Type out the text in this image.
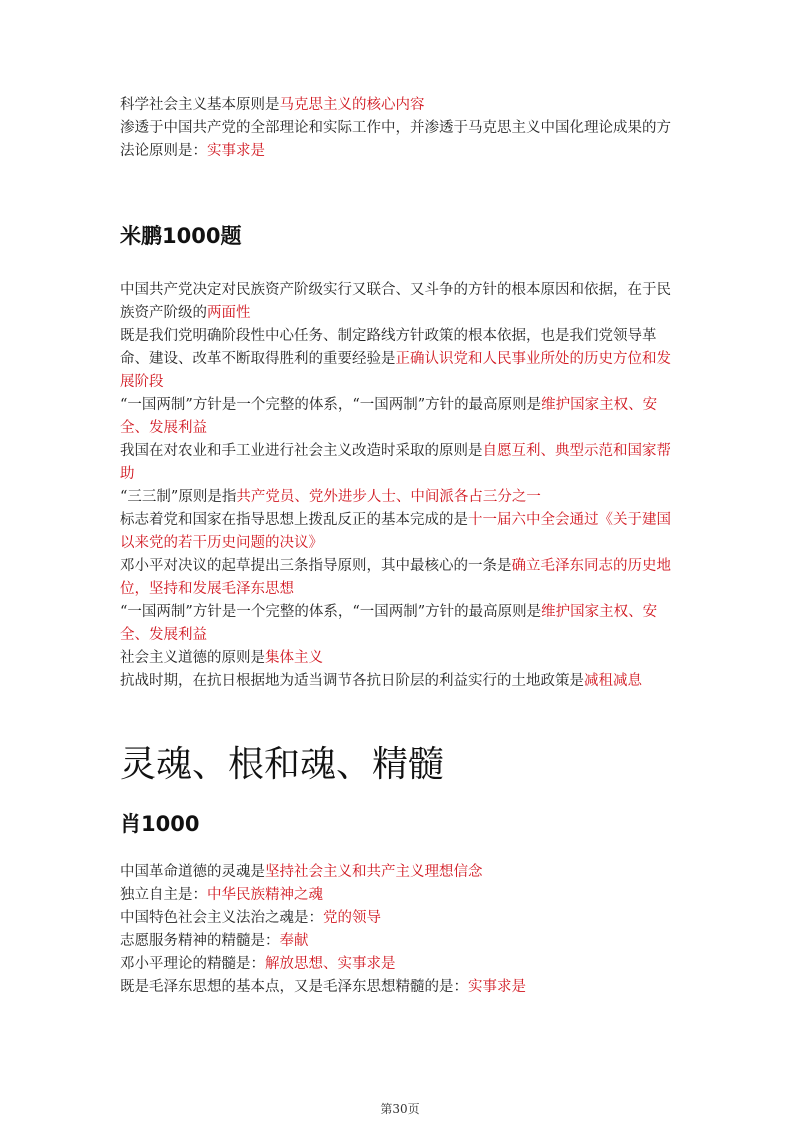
科学社会主义基本原则是马克思主义的核心内容

渗透于中国共产党的全部理论和实际工作中，并渗透于马克思主义中国化理论成果的方法论原则是：实事求是

米鹏1000题

中国共产党决定对民族资产阶级实行又联合、又斗争的方针的根本原因和依据，在于民族资产阶级的两面性

既是我们党明确阶段性中心任务、制定路线方针政策的根本依据，也是我们党领导革命、建设、改革不断取得胜利的重要经验是正确认识党和人民事业所处的历史方位和发展阶段

“一国两制”方针是一个完整的体系，“一国两制”方针的最高原则是维护国家主权、安全、发展利益

我国在对农业和手工业进行社会主义改造时采取的原则是自愿互利、典型示范和国家帮助

“三三制”原则是指共产党员、党外进步人士、中间派各占三分之一

标志着党和国家在指导思想上拨乱反正的基本完成的是十一届六中全会通过《关于建国以来党的若干历史问题的决议》

邓小平对决议的起草提出三条指导原则，其中最核心的一条是确立毛泽东同志的历史地位，坚持和发展毛泽东思想

“一国两制”方针是一个完整的体系，“一国两制”方针的最高原则是维护国家主权、安全、发展利益

社会主义道德的原则是集体主义

抗战时期，在抗日根据地为适当调节各抗日阶层的利益实行的土地政策是减租减息

灵魂、根和魂、精髓
肖1000

中国革命道德的灵魂是坚持社会主义和共产主义理想信念

独立自主是：中华民族精神之魂

中国特色社会主义法治之魂是：党的领导

志愿服务精神的精髓是：奉献

邓小平理论的精髓是：解放思想、实事求是

既是毛泽东思想的基本点，又是毛泽东思想精髓的是：实事求是

第30页
